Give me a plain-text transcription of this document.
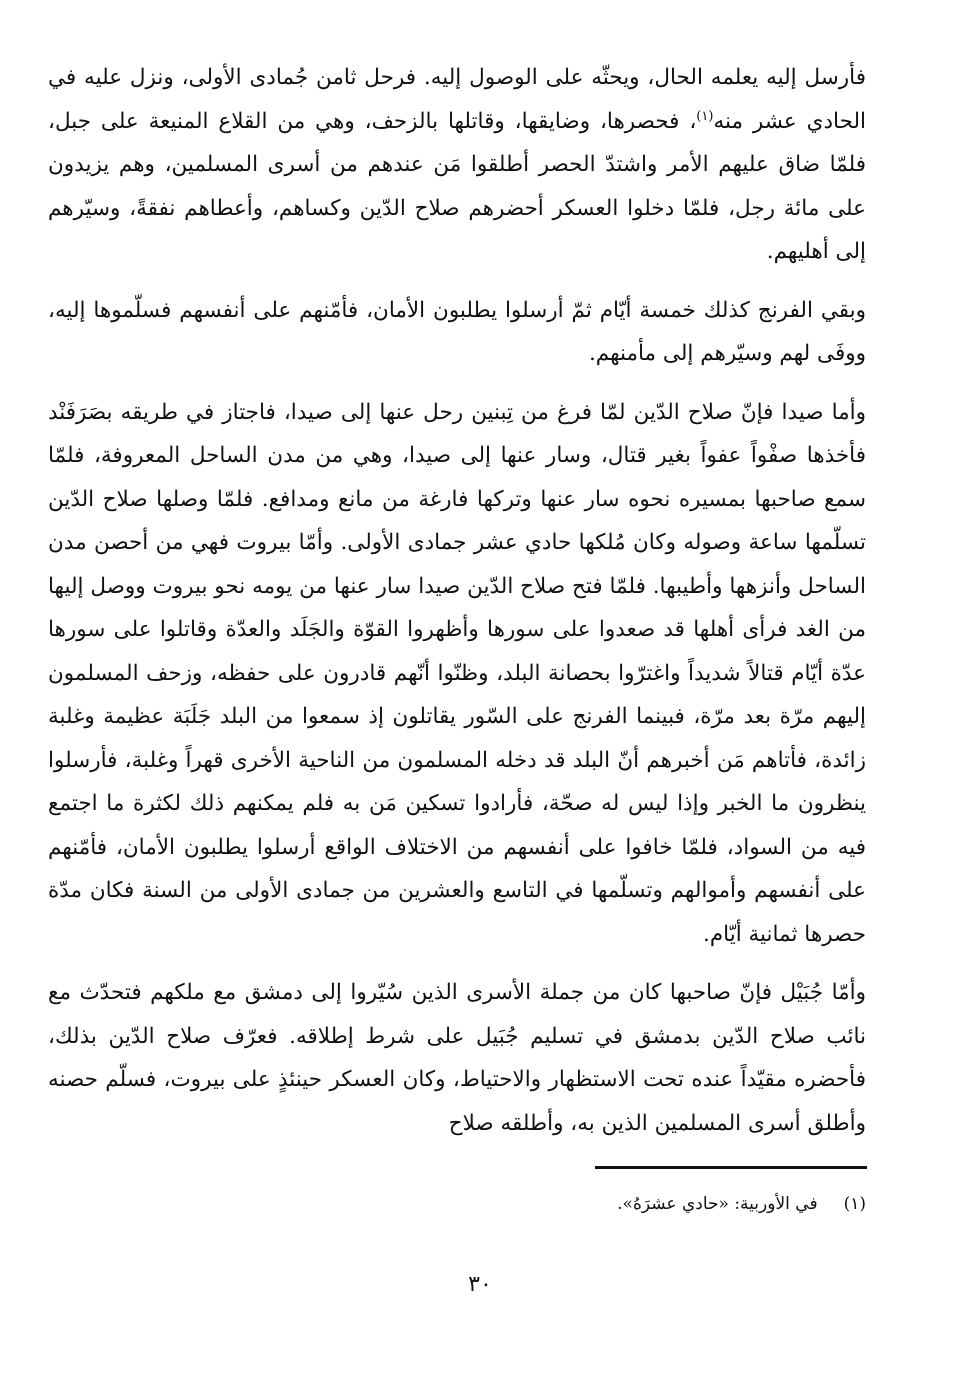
فأرسل إليه يعلمه الحال، ويحثّه على الوصول إليه. فرحل ثامن جُمادى الأولى، ونزل عليه في الحادي عشر منه$^{(١)}$، فحصرها، وضايقها، وقاتلها بالزحف، وهي من القلاع المنيعة على جبل، فلمّا ضاق عليهم الأمر واشتدّ الحصر أطلقوا مَن عندهم من أسرى المسلمين، وهم يزيدون على مائة رجل، فلمّا دخلوا العسكر أحضرهم صلاح الدّين وكساهم، وأعطاهم نفقةً، وسيّرهم إلى أهليهم.

وبقي الفرنج كذلك خمسة أيّام ثمّ أرسلوا يطلبون الأمان، فأمّنهم على أنفسهم فسلّموها إليه، ووفَى لهم وسيّرهم إلى مأمنهم.

وأما صيدا فإنّ صلاح الدّين لمّا فرغ من تِبنين رحل عنها إلى صيدا، فاجتاز في طريقه بصَرَفَنْد فأخذها صفْواً عفواً بغير قتال، وسار عنها إلى صيدا، وهي من مدن الساحل المعروفة، فلمّا سمع صاحبها بمسيره نحوه سار عنها وتركها فارغة من مانع ومدافع. فلمّا وصلها صلاح الدّين تسلّمها ساعة وصوله وكان مُلكها حادي عشر جمادى الأولى. وأمّا بيروت فهي من أحصن مدن الساحل وأنزهها وأطيبها. فلمّا فتح صلاح الدّين صيدا سار عنها من يومه نحو بيروت ووصل إليها من الغد فرأى أهلها قد صعدوا على سورها وأظهروا القوّة والجَلَد والعدّة وقاتلوا على سورها عدّة أيّام قتالاً شديداً واغترّوا بحصانة البلد، وظنّوا أنّهم قادرون على حفظه، وزحف المسلمون إليهم مرّة بعد مرّة، فبينما الفرنج على السّور يقاتلون إذ سمعوا من البلد جَلَبَة عظيمة وغلبة زائدة، فأتاهم مَن أخبرهم أنّ البلد قد دخله المسلمون من الناحية الأخرى قهراً وغلبة، فأرسلوا ينظرون ما الخبر وإذا ليس له صحّة، فأرادوا تسكين مَن به فلم يمكنهم ذلك لكثرة ما اجتمع فيه من السواد، فلمّا خافوا على أنفسهم من الاختلاف الواقع أرسلوا يطلبون الأمان، فأمّنهم على أنفسهم وأموالهم وتسلّمها في التاسع والعشرين من جمادى الأولى من السنة فكان مدّة حصرها ثمانية أيّام.

وأمّا جُبَيْل فإنّ صاحبها كان من جملة الأسرى الذين سُيّروا إلى دمشق مع ملكهم فتحدّث مع نائب صلاح الدّين بدمشق في تسليم جُبَيل على شرط إطلاقه. فعرّف صلاح الدّين بذلك، فأحضره مقيّداً عنده تحت الاستظهار والاحتياط، وكان العسكر حينئذٍ على بيروت، فسلّم حصنه وأطلق أسرى المسلمين الذين به، وأطلقه صلاح

(١)في الأوربية: «حادي عشرَهُ».
٣٠
